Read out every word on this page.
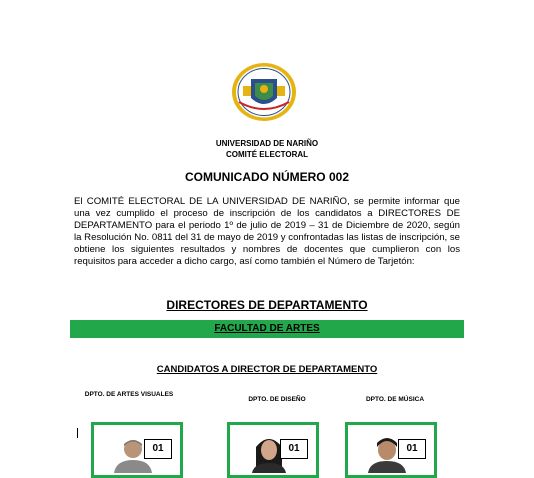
UNIVERSIDAD DE NARIÑO
COMITÉ ELECTORAL
COMUNICADO NÚMERO 002
El COMITÉ ELECTORAL DE LA UNIVERSIDAD DE NARIÑO, se permite informar que una vez cumplido el proceso de inscripción de los candidatos a DIRECTORES DE DEPARTAMENTO para el periodo 1º de julio de 2019 – 31 de Diciembre de 2020, según la Resolución No. 0811 del 31 de mayo de 2019 y confrontadas las listas de inscripción, se obtiene los siguientes resultados y nombres de docentes que cumplieron con los requisitos para acceder a dicho cargo, así como también el Número de Tarjetón:
DIRECTORES DE DEPARTAMENTO
FACULTAD DE ARTES
CANDIDATOS A DIRECTOR DE DEPARTAMENTO
DPTO. DE ARTES VISUALES
DPTO. DE DISEÑO	DPTO. DE MÚSICA
01	01	01
